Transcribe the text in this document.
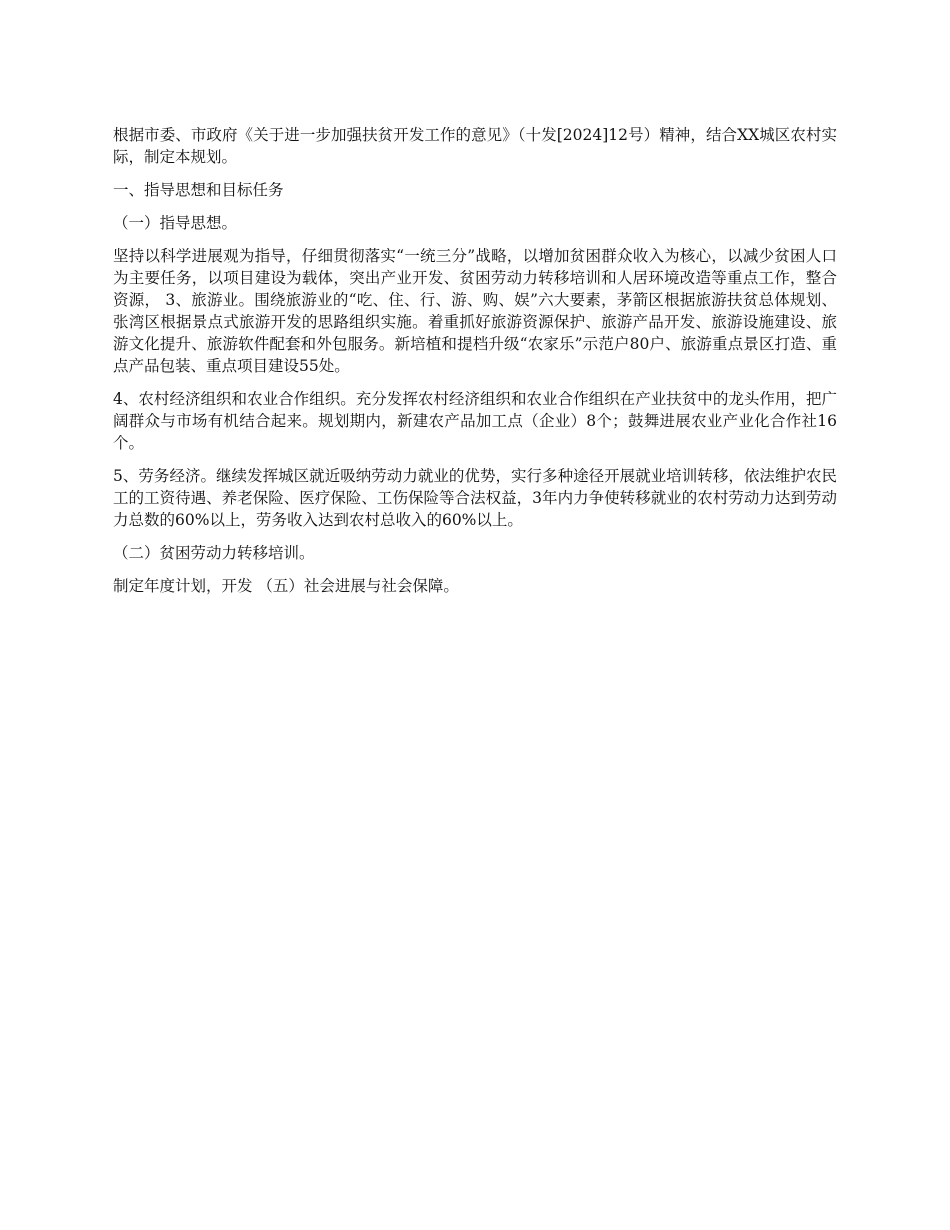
根据市委、市政府《关于进一步加强扶贫开发工作的意见》（十发[2024]12号）精神，结合XX城区农村实际，制定本规划。

一、指导思想和目标任务

（一）指导思想。

坚持以科学进展观为指导，仔细贯彻落实“一统三分”战略，以增加贫困群众收入为核心，以减少贫困人口为主要任务，以项目建设为载体，突出产业开发、贫困劳动力转移培训和人居环境改造等重点工作，整合资源， 3、旅游业。围绕旅游业的“吃、住、行、游、购、娱”六大要素，茅箭区根据旅游扶贫总体规划、张湾区根据景点式旅游开发的思路组织实施。着重抓好旅游资源保护、旅游产品开发、旅游设施建设、旅游文化提升、旅游软件配套和外包服务。新培植和提档升级“农家乐”示范户80户、旅游重点景区打造、重点产品包装、重点项目建设55处。

4、农村经济组织和农业合作组织。充分发挥农村经济组织和农业合作组织在产业扶贫中的龙头作用，把广阔群众与市场有机结合起来。规划期内，新建农产品加工点（企业）8个；鼓舞进展农业产业化合作社16个。

5、劳务经济。继续发挥城区就近吸纳劳动力就业的优势，实行多种途径开展就业培训转移，依法维护农民工的工资待遇、养老保险、医疗保险、工伤保险等合法权益，3年内力争使转移就业的农村劳动力达到劳动力总数的60%以上，劳务收入达到农村总收入的60%以上。

（二）贫困劳动力转移培训。

制定年度计划，开发 （五）社会进展与社会保障。
